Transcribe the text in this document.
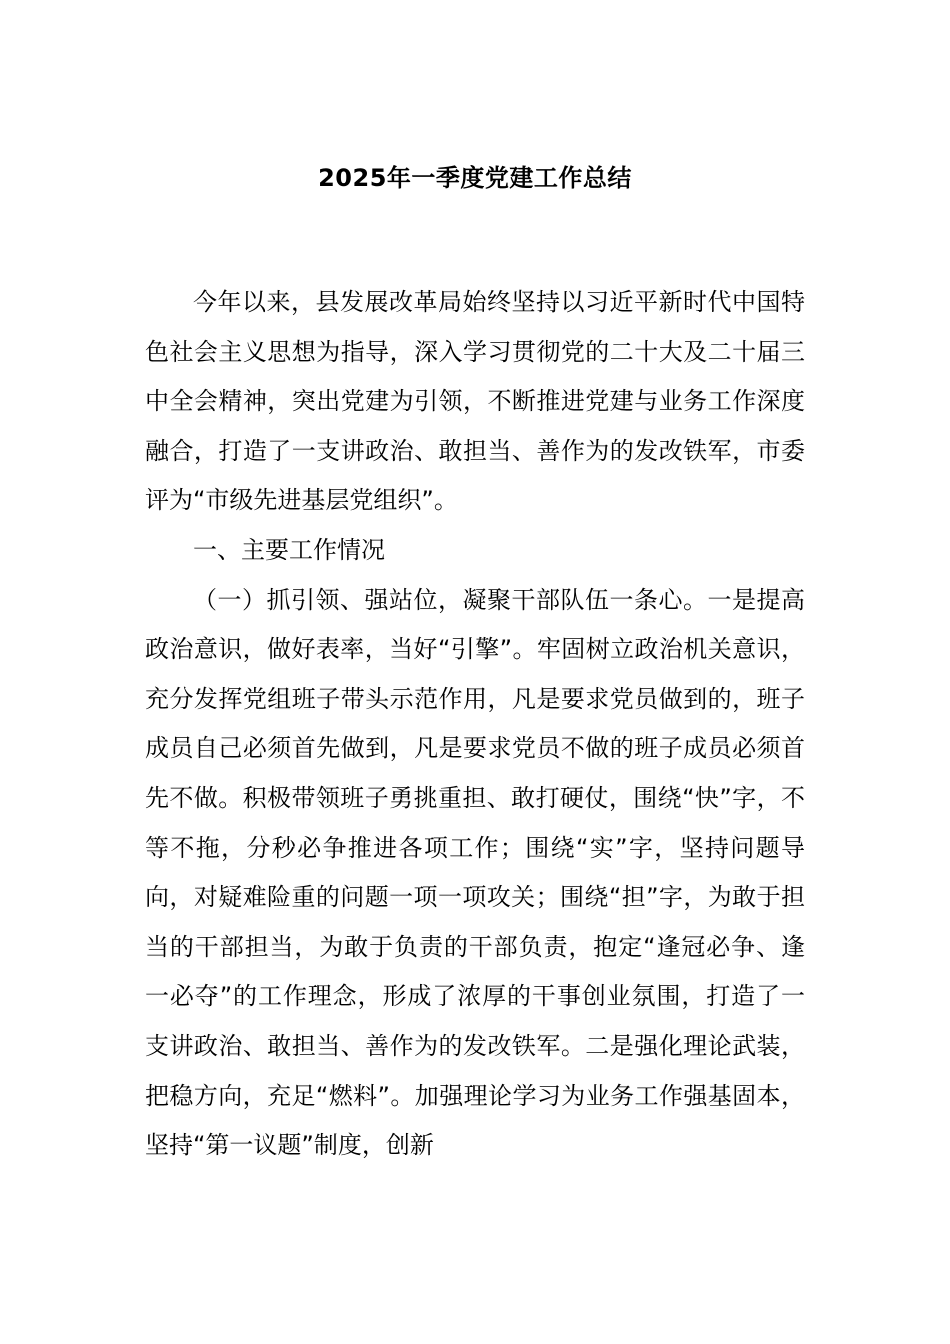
2025年一季度党建工作总结

今年以来，县发展改革局始终坚持以习近平新时代中国特色社会主义思想为指导，深入学习贯彻党的二十大及二十届三中全会精神，突出党建为引领，不断推进党建与业务工作深度融合，打造了一支讲政治、敢担当、善作为的发改铁军，市委评为“市级先进基层党组织”。

一、主要工作情况

（一）抓引领、强站位，凝聚干部队伍一条心。一是提高政治意识，做好表率，当好“引擎”。牢固树立政治机关意识，充分发挥党组班子带头示范作用，凡是要求党员做到的，班子成员自己必须首先做到，凡是要求党员不做的班子成员必须首先不做。积极带领班子勇挑重担、敢打硬仗，围绕“快”字，不等不拖，分秒必争推进各项工作；围绕“实”字，坚持问题导向，对疑难险重的问题一项一项攻关；围绕“担”字，为敢于担当的干部担当，为敢于负责的干部负责，抱定“逢冠必争、逢一必夺”的工作理念，形成了浓厚的干事创业氛围，打造了一支讲政治、敢担当、善作为的发改铁军。二是强化理论武装，把稳方向，充足“燃料”。加强理论学习为业务工作强基固本，坚持“第一议题”制度，创新
